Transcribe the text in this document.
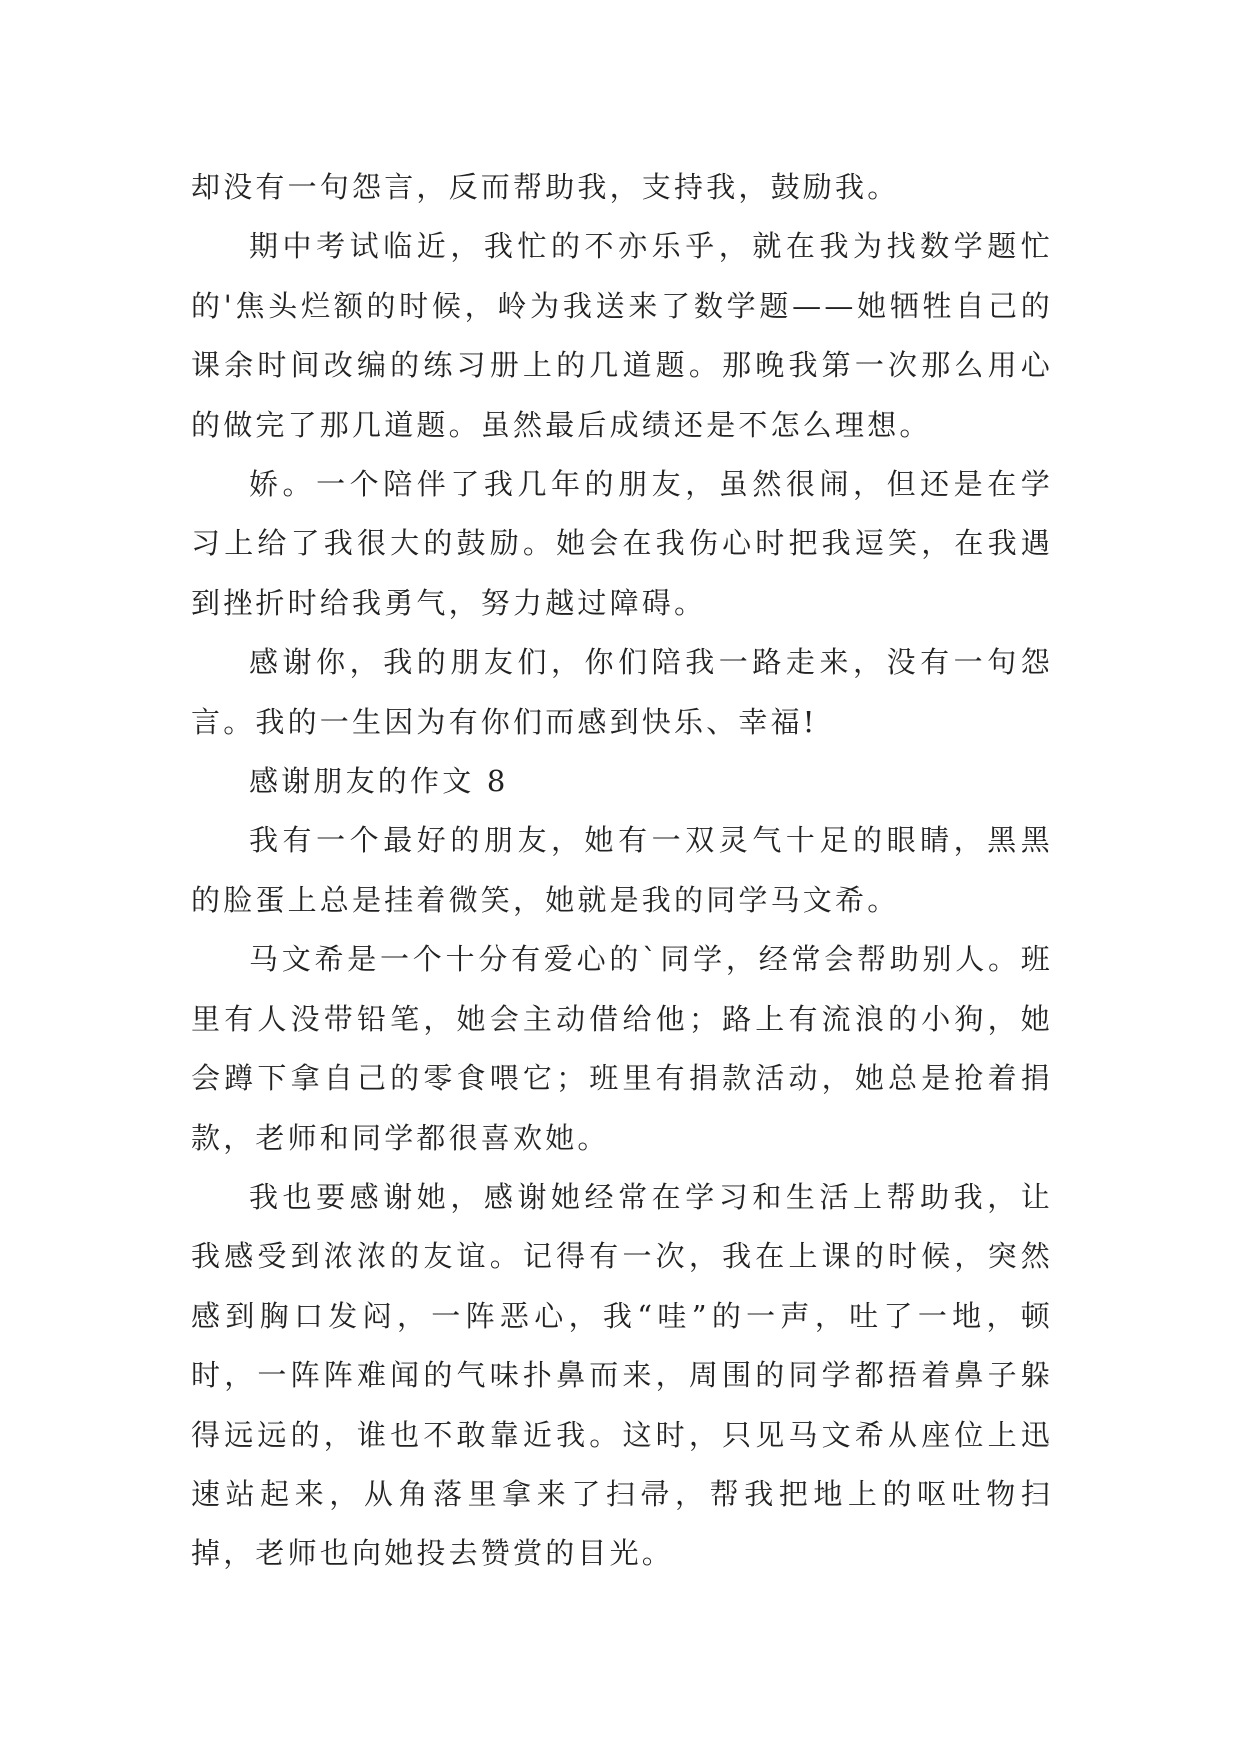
却没有一句怨言，反而帮助我，支持我，鼓励我。

期中考试临近，我忙的不亦乐乎，就在我为找数学题忙的'焦头烂额的时候，岭为我送来了数学题——她牺牲自己的课余时间改编的练习册上的几道题。那晚我第一次那么用心的做完了那几道题。虽然最后成绩还是不怎么理想。

娇。一个陪伴了我几年的朋友，虽然很闹，但还是在学习上给了我很大的鼓励。她会在我伤心时把我逗笑，在我遇到挫折时给我勇气，努力越过障碍。

感谢你，我的朋友们，你们陪我一路走来，没有一句怨言。我的一生因为有你们而感到快乐、幸福!

感谢朋友的作文 8

我有一个最好的朋友，她有一双灵气十足的眼睛，黑黑的脸蛋上总是挂着微笑，她就是我的同学马文希。

马文希是一个十分有爱心的`同学，经常会帮助别人。班里有人没带铅笔，她会主动借给他；路上有流浪的小狗，她会蹲下拿自己的零食喂它；班里有捐款活动，她总是抢着捐款，老师和同学都很喜欢她。

我也要感谢她，感谢她经常在学习和生活上帮助我，让我感受到浓浓的友谊。记得有一次，我在上课的时候，突然感到胸口发闷，一阵恶心，我“哇”的一声，吐了一地，顿时，一阵阵难闻的气味扑鼻而来，周围的同学都捂着鼻子躲得远远的，谁也不敢靠近我。这时，只见马文希从座位上迅速站起来，从角落里拿来了扫帚，帮我把地上的呕吐物扫掉，老师也向她投去赞赏的目光。
